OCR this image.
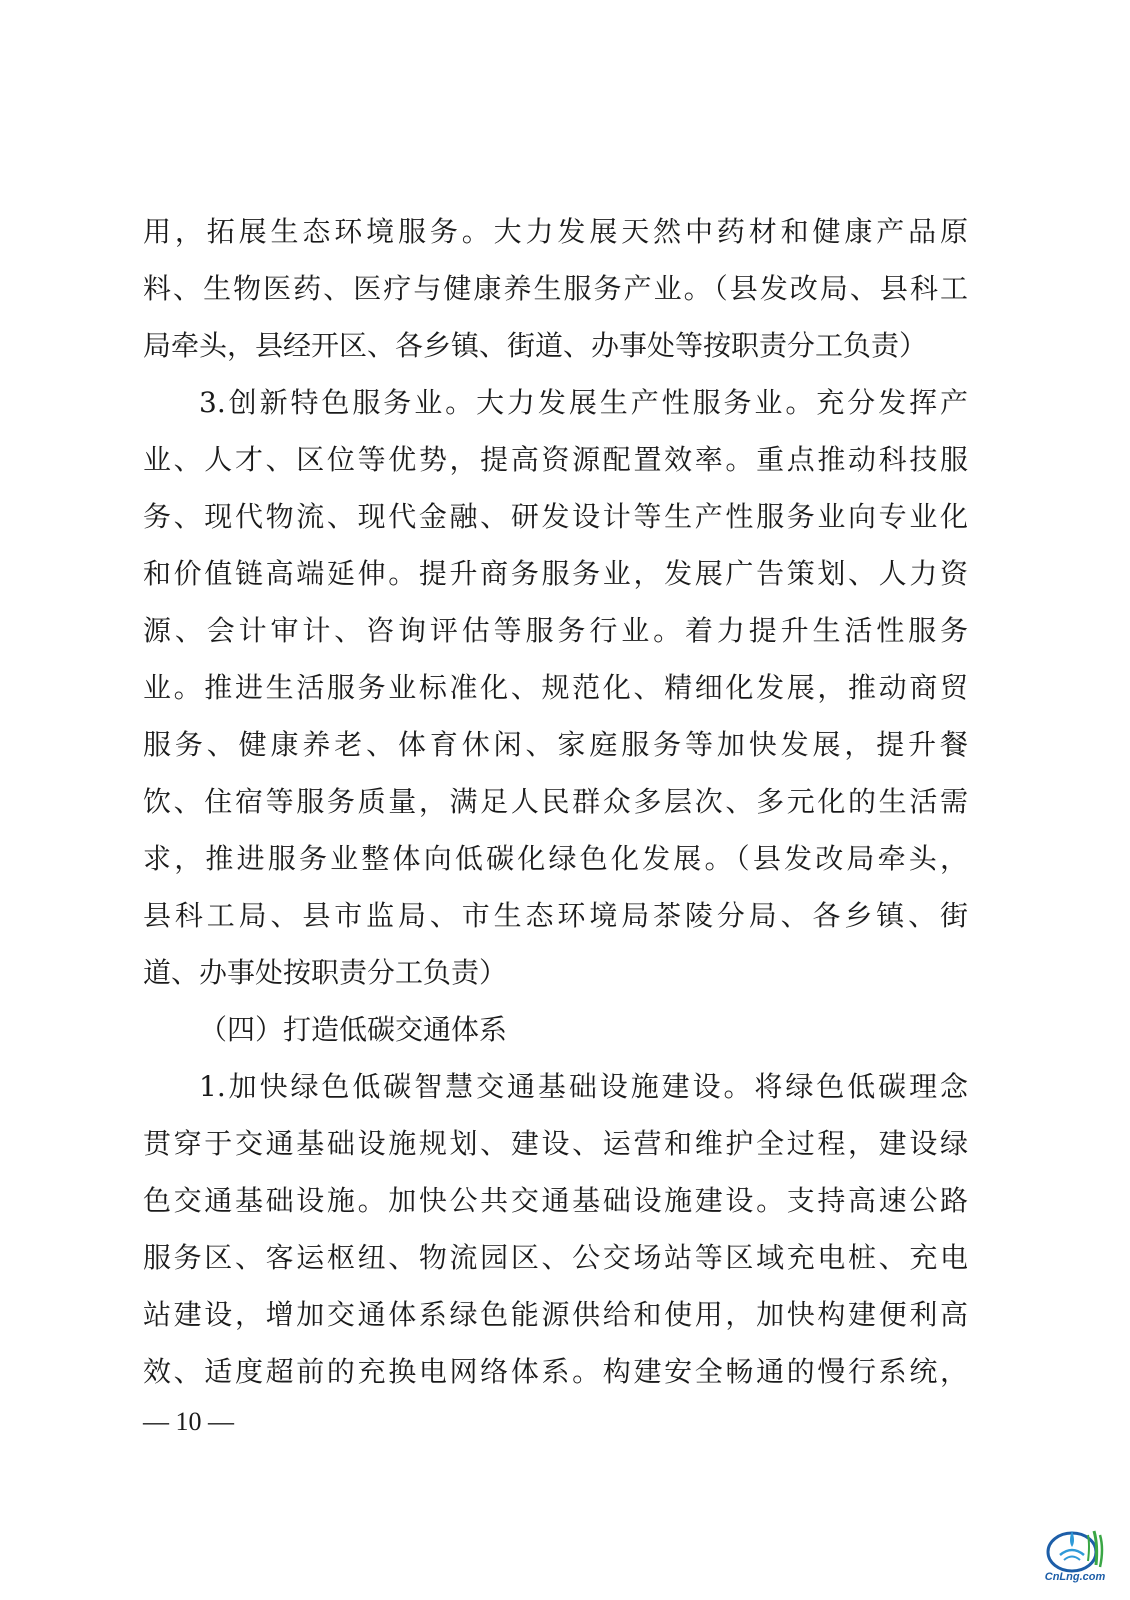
用，拓展生态环境服务。大力发展天然中药材和健康产品原
料、生物医药、医疗与健康养生服务产业。（县发改局、县科工
局牵头，县经开区、各乡镇、街道、办事处等按职责分工负责）
3.创新特色服务业。大力发展生产性服务业。充分发挥产
业、人才、区位等优势，提高资源配置效率。重点推动科技服
务、现代物流、现代金融、研发设计等生产性服务业向专业化
和价值链高端延伸。提升商务服务业，发展广告策划、人力资
源、会计审计、咨询评估等服务行业。着力提升生活性服务
业。推进生活服务业标准化、规范化、精细化发展，推动商贸
服务、健康养老、体育休闲、家庭服务等加快发展，提升餐
饮、住宿等服务质量，满足人民群众多层次、多元化的生活需
求，推进服务业整体向低碳化绿色化发展。（县发改局牵头，
县科工局、县市监局、市生态环境局茶陵分局、各乡镇、街
道、办事处按职责分工负责）
（四）打造低碳交通体系
1.加快绿色低碳智慧交通基础设施建设。将绿色低碳理念
贯穿于交通基础设施规划、建设、运营和维护全过程，建设绿
色交通基础设施。加快公共交通基础设施建设。支持高速公路
服务区、客运枢纽、物流园区、公交场站等区域充电桩、充电
站建设，增加交通体系绿色能源供给和使用，加快构建便利高
效、适度超前的充换电网络体系。构建安全畅通的慢行系统，
— 10 —
CnLng.com
